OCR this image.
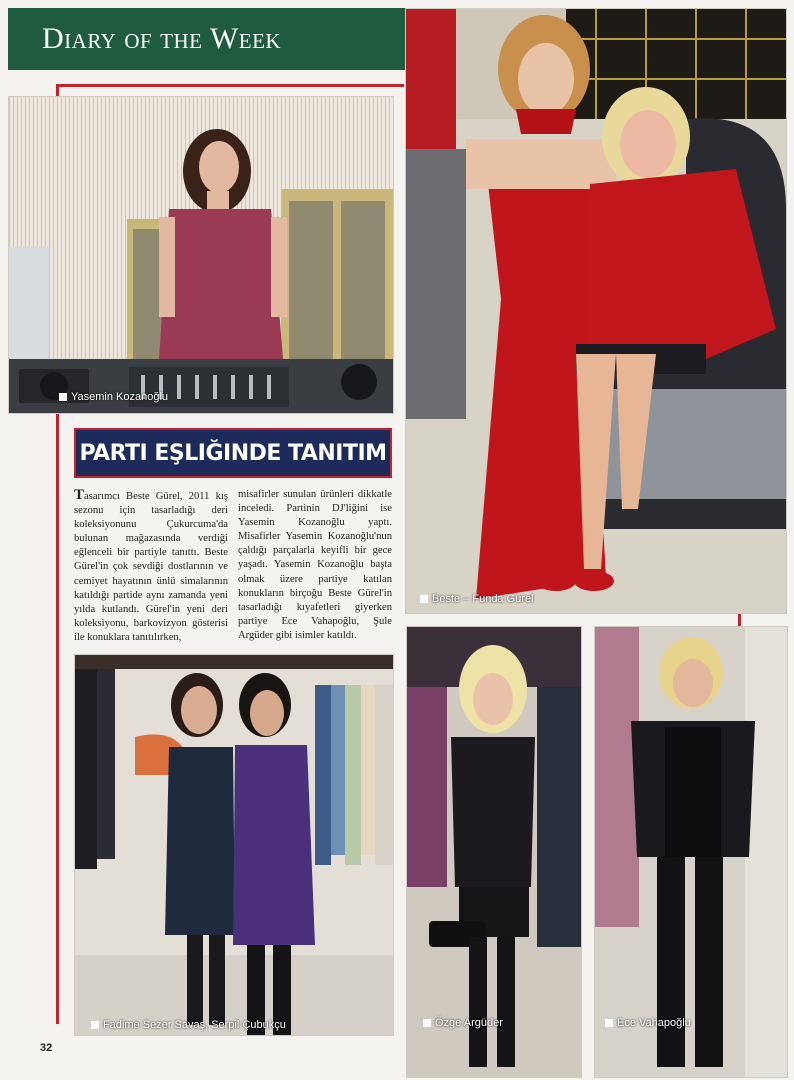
Diary of the Week
Yasemin Kozanoğlu
Beste – Funda Gürel
PARTI EŞLIĞINDE TANITIM
Tasarımcı Beste Gürel, 2011 kış sezonu için tasarladığı deri koleksiyonunu Çukurcuma'da bulunan mağazasında verdiği eğlenceli bir partiyle tanıttı. Beste Gürel'in çok sevdiği dostlarının ve cemiyet hayatının ünlü simalarının katıldığı partide aynı zamanda yeni yılda kutlandı. Gürel'in yeni deri koleksiyonu, barkovizyon gösterisi ile konuklara tanıtılırken,
misafirler sunulan ürünleri dikkatle inceledi. Partinin DJ'liğini ise Yasemin Kozanoğlu yaptı. Misafirler Yasemin Kozanoğlu'nun çaldığı parçalarla keyifli bir gece yaşadı. Yasemin Kozanoğlu başta olmak üzere partiye katılan konukların birçoğu Beste Gürel'in tasarladığı kıyafetleri giyerken partiye Ece Vahapoğlu, Şule Argüder gibi isimler katıldı.
Fadime Sezer Savaş, Serpil Çubukçu	Özge Argüder	Ece Vahapoğlu
32
